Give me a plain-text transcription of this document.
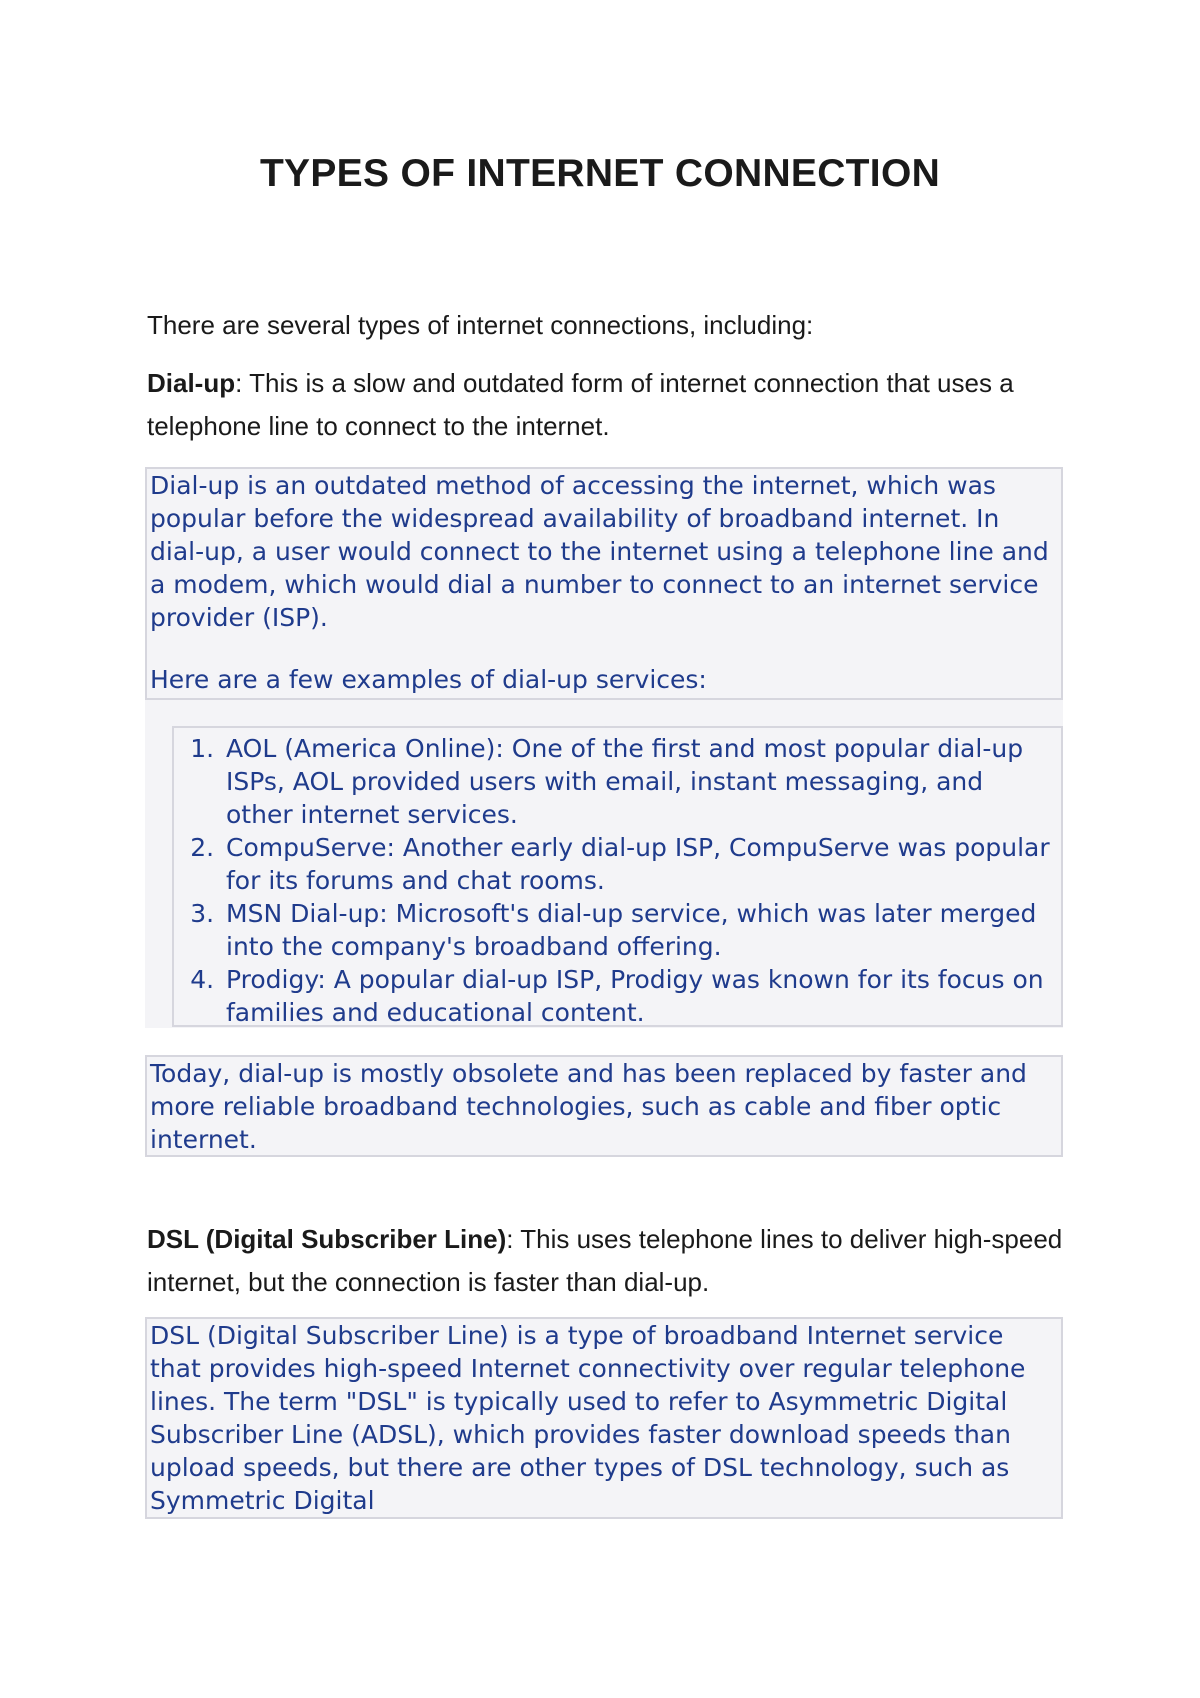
TYPES OF INTERNET CONNECTION

There are several types of internet connections, including:

Dial-up: This is a slow and outdated form of internet connection that uses a telephone line to connect to the internet.

Dial-up is an outdated method of accessing the internet, which was popular before the widespread availability of broadband internet. In dial-up, a user would connect to the internet using a telephone line and a modem, which would dial a number to connect to an internet service provider (ISP).

Here are a few examples of dial-up services:

1. AOL (America Online): One of the first and most popular dial-up ISPs, AOL provided users with email, instant messaging, and other internet services.
2. CompuServe: Another early dial-up ISP, CompuServe was popular for its forums and chat rooms.
3. MSN Dial-up: Microsoft's dial-up service, which was later merged into the company's broadband offering.
4. Prodigy: A popular dial-up ISP, Prodigy was known for its focus on families and educational content.

Today, dial-up is mostly obsolete and has been replaced by faster and more reliable broadband technologies, such as cable and fiber optic internet.

DSL (Digital Subscriber Line): This uses telephone lines to deliver high-speed internet, but the connection is faster than dial-up.

DSL (Digital Subscriber Line) is a type of broadband Internet service that provides high-speed Internet connectivity over regular telephone lines. The term "DSL" is typically used to refer to Asymmetric Digital Subscriber Line (ADSL), which provides faster download speeds than upload speeds, but there are other types of DSL technology, such as Symmetric Digital
